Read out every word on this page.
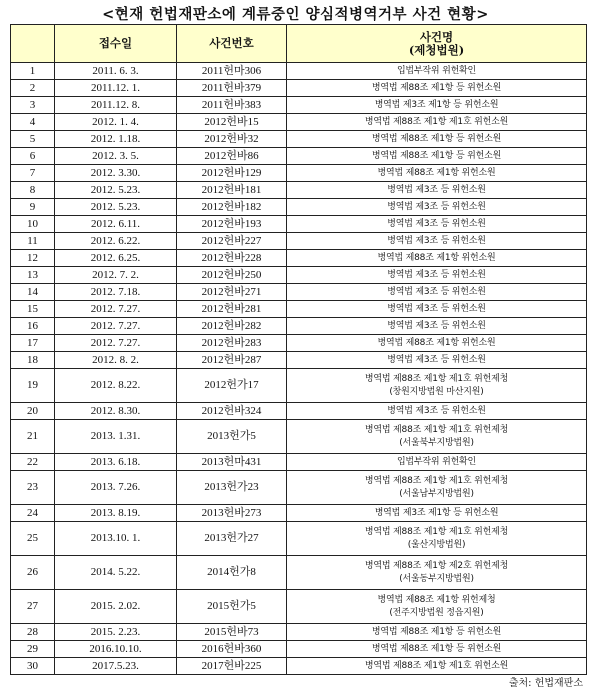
<현재 헌법재판소에 계류중인 양심적병역거부 사건 현황>
	접수일	사건번호	사건명
(제청법원)

1	2011. 6. 3.	2011헌마306	입법부작위 위헌확인

2	2011.12. 1.	2011헌바379	병역법 제88조 제1항 등 위헌소원

3	2011.12. 8.	2011헌바383	병역법 제3조 제1항 등 위헌소원

4	2012. 1. 4.	2012헌바15	병역법 제88조 제1항 제1호 위헌소원

5	2012. 1.18.	2012헌바32	병역법 제88조 제1항 등 위헌소원

6	2012. 3. 5.	2012헌바86	병역법 제88조 제1항 등 위헌소원

7	2012. 3.30.	2012헌바129	병역법 제88조 제1항 위헌소원

8	2012. 5.23.	2012헌바181	병역법 제3조 등 위헌소원

9	2012. 5.23.	2012헌바182	병역법 제3조 등 위헌소원

10	2012. 6.11.	2012헌바193	병역법 제3조 등 위헌소원

11	2012. 6.22.	2012헌바227	병역법 제3조 등 위헌소원

12	2012. 6.25.	2012헌바228	병역법 제88조 제1항 위헌소원

13	2012. 7. 2.	2012헌바250	병역법 제3조 등 위헌소원

14	2012. 7.18.	2012헌바271	병역법 제3조 등 위헌소원

15	2012. 7.27.	2012헌바281	병역법 제3조 등 위헌소원

16	2012. 7.27.	2012헌바282	병역법 제3조 등 위헌소원

17	2012. 7.27.	2012헌바283	병역법 제88조 제1항 위헌소원

18	2012. 8. 2.	2012헌바287	병역법 제3조 등 위헌소원

19	2012. 8.22.	2012헌가17	병역법 제88조 제1항 제1호 위헌제청
(창원지방법원 마산지원)

20	2012. 8.30.	2012헌바324	병역법 제3조 등 위헌소원

21	2013. 1.31.	2013헌가5	병역법 제88조 제1항 제1호 위헌제청
(서울북부지방법원)

22	2013. 6.18.	2013헌마431	입법부작위 위헌확인

23	2013. 7.26.	2013헌가23	병역법 제88조 제1항 제1호 위헌제청
(서울남부지방법원)

24	2013. 8.19.	2013헌바273	병역법 제3조 제1항 등 위헌소원

25	2013.10. 1.	2013헌가27	병역법 제88조 제1항 제1호 위헌제청
(울산지방법원)

26	2014. 5.22.	2014헌가8	병역법 제88조 제1항 제2호 위헌제청
(서울동부지방법원)

27	2015. 2.02.	2015헌가5	병역법 제88조 제1항 위헌제청
(전주지방법원 정읍지원)

28	2015. 2.23.	2015헌바73	병역법 제88조 제1항 등 위헌소원

29	2016.10.10.	2016헌바360	병역법 제88조 제1항 등 위헌소원

30	2017.5.23.	2017헌바225	병역법 제88조 제1항 제1호 위헌소원
출처: 헌법재판소
